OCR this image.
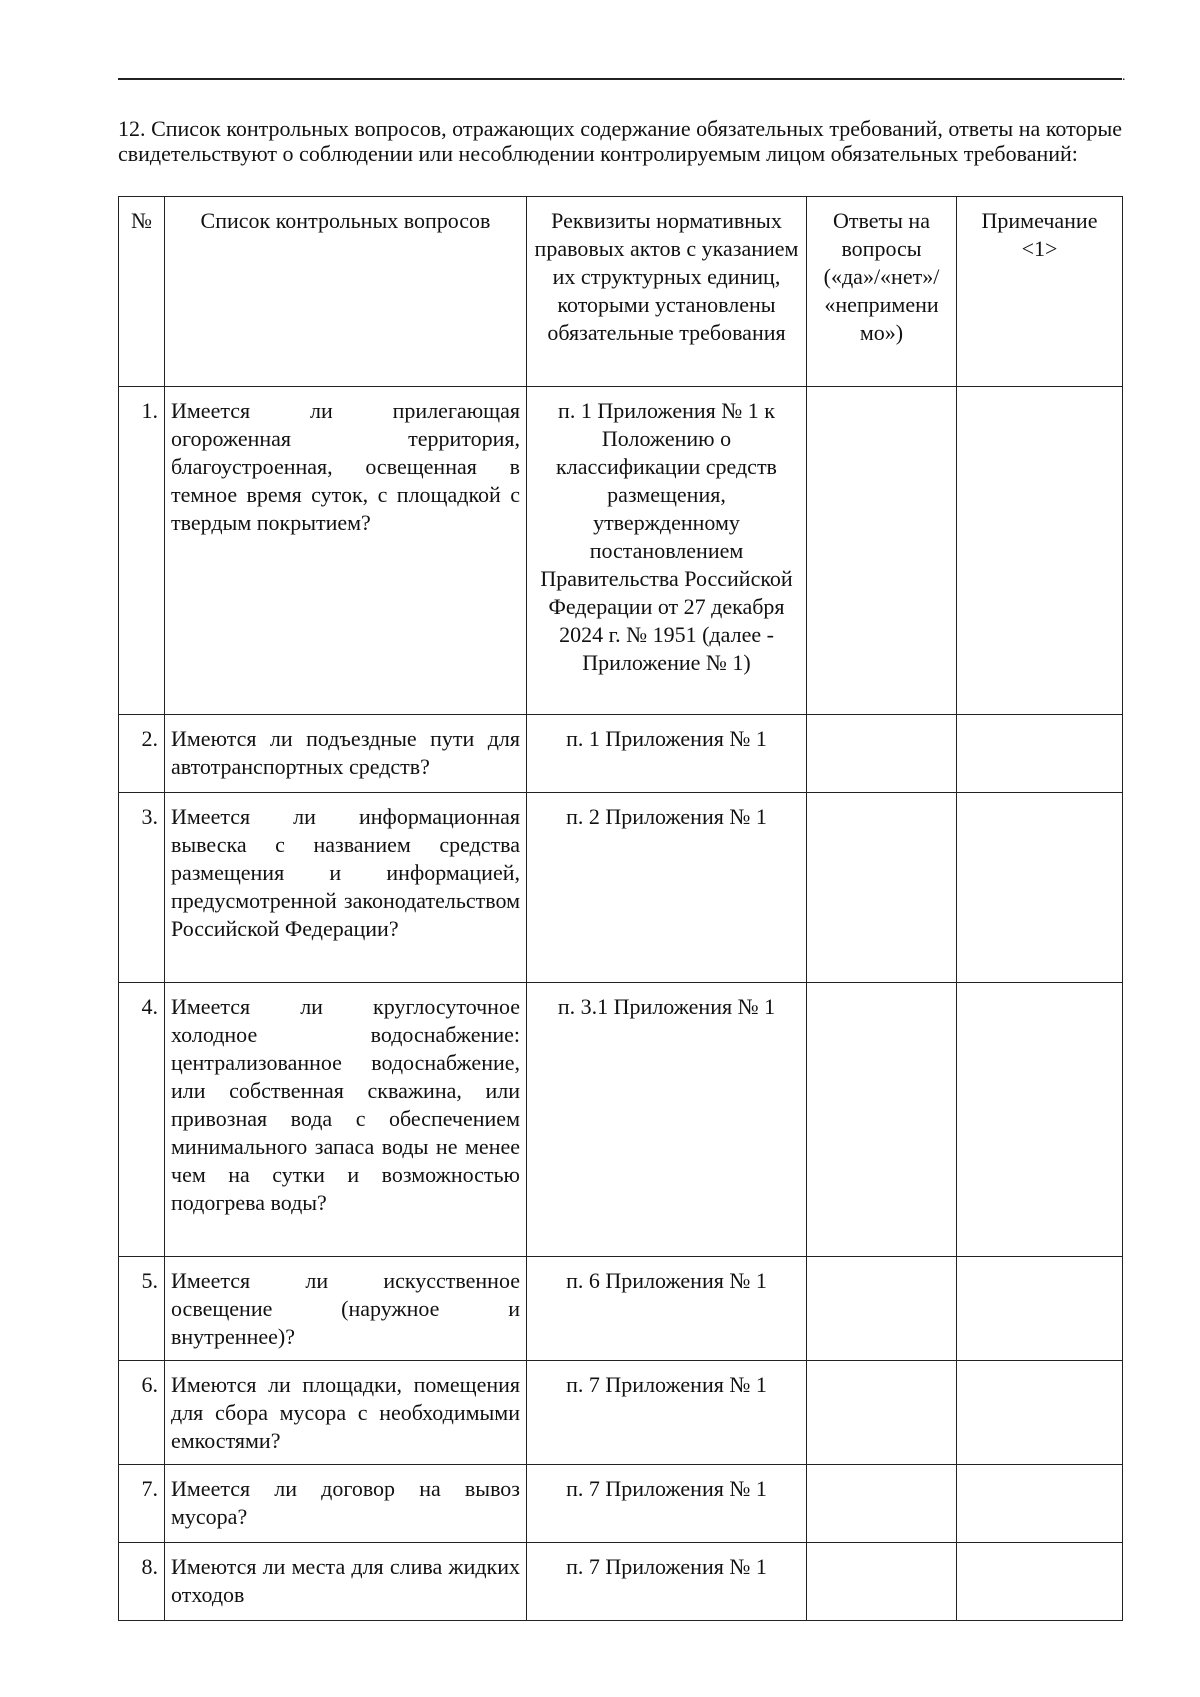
.
12. Список контрольных вопросов, отражающих содержание обязательных требований, ответы на которые свидетельствуют о соблюдении или несоблюдении контролируемым лицом обязательных требований:
№	Список контрольных вопросов	Реквизиты нормативных правовых актов с указанием их структурных единиц, которыми установлены обязательные требования	Ответы на вопросы («да»/«нет»/ «непримени мо»)	Примечание <1>
1.	Имеется ли прилегающая огороженная территория, благоустроенная, освещенная в темное время суток, с площадкой с твердым покрытием?	п. 1 Приложения № 1 к Положению о классификации средств размещения, утвержденному постановлением Правительства Российской Федерации от 27 декабря 2024 г. № 1951 (далее - Приложение № 1)		
2.	Имеются ли подъездные пути для автотранспортных средств?	п. 1 Приложения № 1		
3.	Имеется ли информационная вывеска с названием средства размещения и информацией, предусмотренной законодательством Российской Федерации?	п. 2 Приложения № 1		
4.	Имеется ли круглосуточное холодное водоснабжение: централизованное водоснабжение, или собственная скважина, или привозная вода с обеспечением минимального запаса воды не менее чем на сутки и возможностью подогрева воды?	п. 3.1 Приложения № 1		
5.	Имеется ли искусственное освещение (наружное и внутреннее)?	п. 6 Приложения № 1		
6.	Имеются ли площадки, помещения для сбора мусора с необходимыми емкостями?	п. 7 Приложения № 1		
7.	Имеется ли договор на вывоз мусора?	п. 7 Приложения № 1		
8.	Имеются ли места для слива жидких отходов	п. 7 Приложения № 1		
